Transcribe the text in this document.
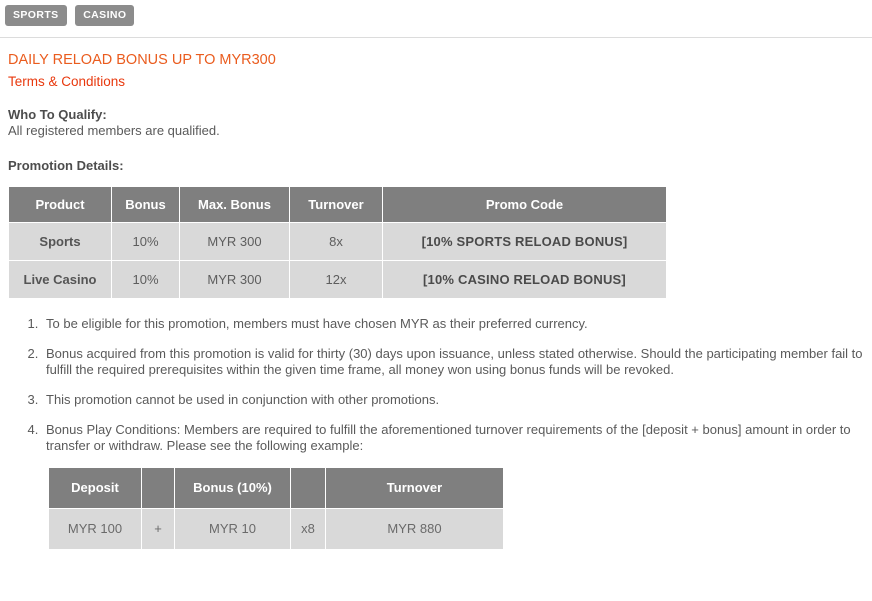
SPORTS CASINO
DAILY RELOAD BONUS UP TO MYR300
Terms & Conditions
Who To Qualify:
All registered members are qualified.
Promotion Details:
Product	Bonus	Max. Bonus	Turnover	Promo Code
Sports	10%	MYR 300	8x	[10% SPORTS RELOAD BONUS]
Live Casino	10%	MYR 300	12x	[10% CASINO RELOAD BONUS]
1. To be eligible for this promotion, members must have chosen MYR as their preferred currency.
2. Bonus acquired from this promotion is valid for thirty (30) days upon issuance, unless stated otherwise. Should the participating member fail to fulfill the required prerequisites within the given time frame, all money won using bonus funds will be revoked.
3. This promotion cannot be used in conjunction with other promotions.
4. Bonus Play Conditions: Members are required to fulfill the aforementioned turnover requirements of the [deposit + bonus] amount in order to transfer or withdraw. Please see the following example:
Deposit		Bonus (10%)		Turnover
MYR 100	+	MYR 10	x8	MYR 880
